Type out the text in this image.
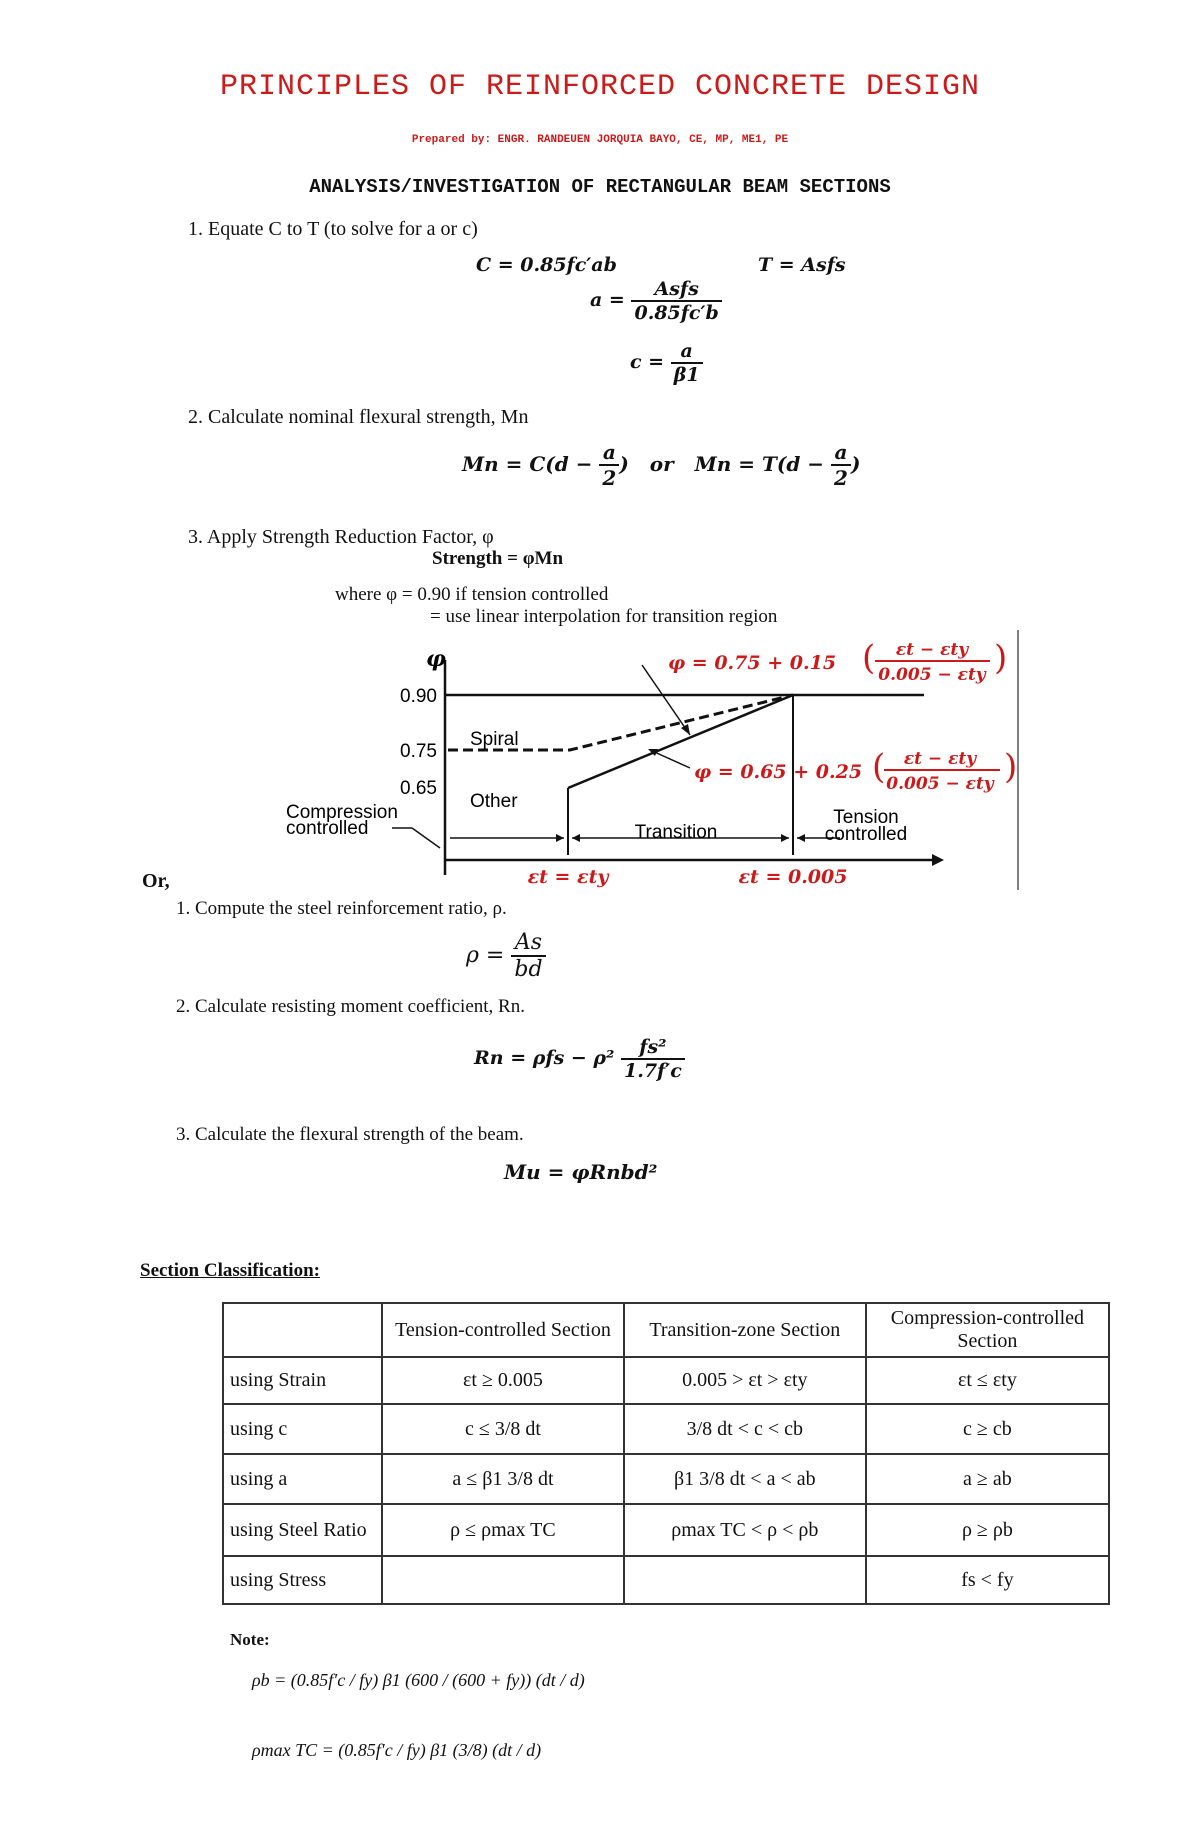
PRINCIPLES OF REINFORCED CONCRETE DESIGN
Prepared by: ENGR. RANDEUEN JORQUIA BAYO, CE, MP, ME1, PE
ANALYSIS/INVESTIGATION OF RECTANGULAR BEAM SECTIONS
1. Equate C to T (to solve for a or c)
C = 0.85fc′ab	T = Asfs
$a = \frac{\text{Asfs}}{0.85fc'b}$
$c = \frac{a}{\beta 1}$
2. Calculate nominal flexural strength, Mn
$Mn = C(d - \frac{a}{2}$ ) or $Mn = T(d - \frac{a}{2}$ )
3. Apply Strength Reduction Factor, φ
Strength = φMn
where φ = 0.90 if tension controlled
= use linear interpolation for transition region
φ
0.90
0.75
0.65
Spiral
Other
Compression
controlled	Transition
Tension
controlled
εt = εty	εt = 0.005
φ = 0.75 + 0.15 ( εt − εty
0.005 − εty )
φ = 0.65 + 0.25 ( εt − εty
0.005 − εty )
Or,
1. Compute the steel reinforcement ratio, ρ.
$\rho = \frac{As}{bd}$
2. Calculate resisting moment coefficient, Rn.
$Rn = \rho fs - \rho^2 \frac{\text{fs²}}{1.7f'c}$
3. Calculate the flexural strength of the beam.
Mu = φRnbd²
Section Classification:
	Tension-controlled Section	Transition-zone Section	Compression-controlled Section
using Strain	εt ≥ 0.005	0.005 > εt > εty	εt ≤ εty
using c	c ≤ 3/8 dt	3/8 dt < c < cb	c ≥ cb
using a	a ≤ β1 3/8 dt	β1 3/8 dt < a < ab	a ≥ ab
using Steel Ratio	ρ ≤ ρmax TC	ρmax TC < ρ < ρb	ρ ≥ ρb
using Stress			fs < fy
Note:
ρb = (0.85f′c / fy) β1 (600 / (600 + fy)) (dt / d)
ρmax TC = (0.85f′c / fy) β1 (3/8) (dt / d)
